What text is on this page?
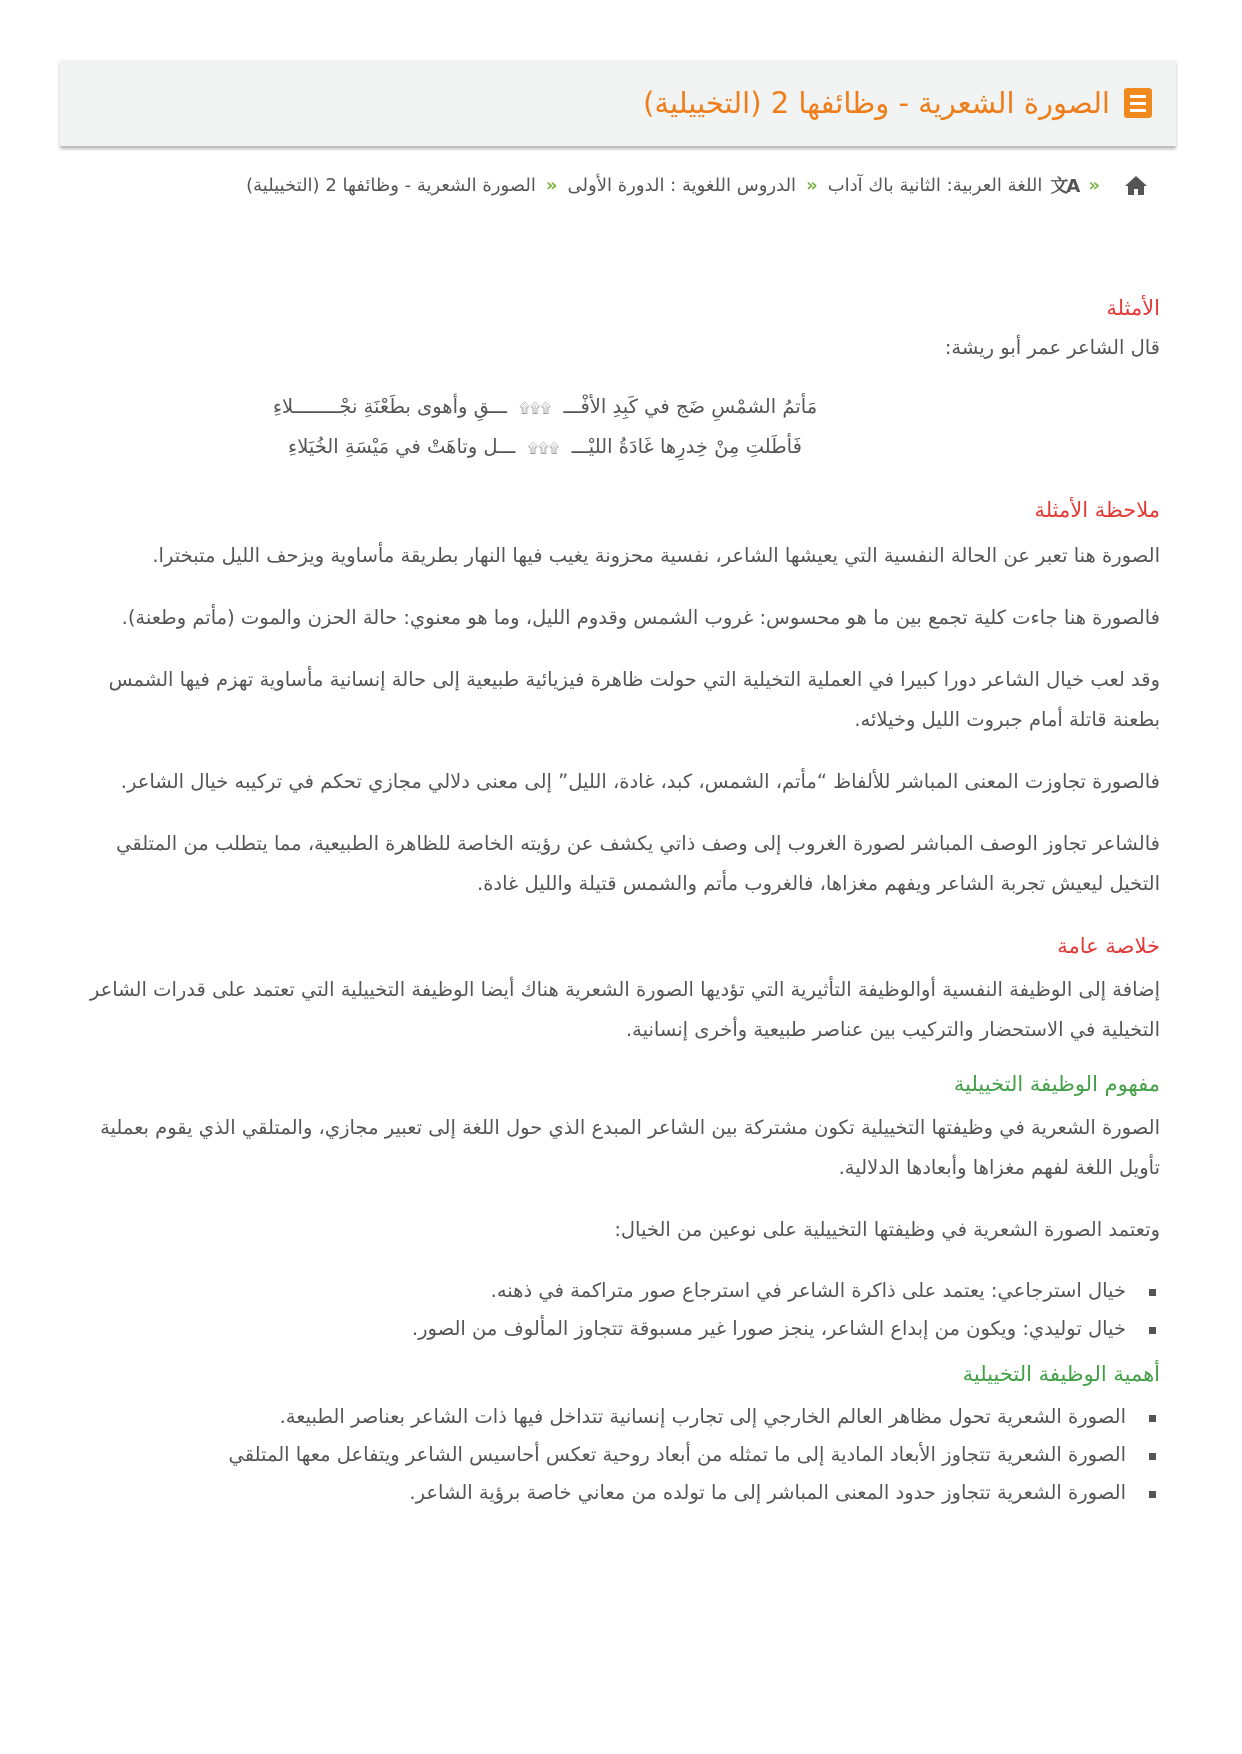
الصورة الشعرية - وظائفها 2 (التخييلية)
«
文A
اللغة العربية: الثانية باك آداب
«
الدروس اللغوية : الدورة الأولى
«
الصورة الشعرية - وظائفها 2 (التخييلية)
الأمثلة

قال الشاعر عمر أبو ريشة:

مَأتمُ الشمْسِ ضَج في كَبِدِ الأفْـــ ۩۩۩ ـــقِ وأهوى بطَعْنَةِ نجْــــــــلاءِ
فَأطَلتِ مِنْ خِدرِها غَادَةُ الليْـــ ۩۩۩ ـــل وتاهَتْ في مَيْسَةِ الخُيَلاءِ
ملاحظة الأمثلة

الصورة هنا تعبر عن الحالة النفسية التي يعيشها الشاعر، نفسية محزونة يغيب فيها النهار بطريقة مأساوية ويزحف الليل متبخترا.

فالصورة هنا جاءت كلية تجمع بين ما هو محسوس: غروب الشمس وقدوم الليل، وما هو معنوي: حالة الحزن والموت (مأتم وطعنة).

وقد لعب خيال الشاعر دورا كبيرا في العملية التخيلية التي حولت ظاهرة فيزيائية طبيعية إلى حالة إنسانية مأساوية تهزم فيها الشمس بطعنة قاتلة أمام جبروت الليل وخيلائه.

فالصورة تجاوزت المعنى المباشر للألفاظ “مأتم، الشمس، كبد، غادة، الليل” إلى معنى دلالي مجازي تحكم في تركيبه خيال الشاعر.

فالشاعر تجاوز الوصف المباشر لصورة الغروب إلى وصف ذاتي يكشف عن رؤيته الخاصة للظاهرة الطبيعية، مما يتطلب من المتلقي التخيل ليعيش تجربة الشاعر ويفهم مغزاها، فالغروب مأتم والشمس قتيلة والليل غادة.

خلاصة عامة

إضافة إلى الوظيفة النفسية أوالوظيفة التأثيرية التي تؤديها الصورة الشعرية هناك أيضا الوظيفة التخييلية التي تعتمد على قدرات الشاعر التخيلية في الاستحضار والتركيب بين عناصر طبيعية وأخرى إنسانية.

مفهوم الوظيفة التخييلية

الصورة الشعرية في وظيفتها التخييلية تكون مشتركة بين الشاعر المبدع الذي حول اللغة إلى تعبير مجازي، والمتلقي الذي يقوم بعملية تأويل اللغة لفهم مغزاها وأبعادها الدلالية.

وتعتمد الصورة الشعرية في وظيفتها التخييلية على نوعين من الخيال:

خيال استرجاعي: يعتمد على ذاكرة الشاعر في استرجاع صور متراكمة في ذهنه.
خيال توليدي: ويكون من إبداع الشاعر، ينجز صورا غير مسبوقة تتجاوز المألوف من الصور.
أهمية الوظيفة التخييلية
الصورة الشعرية تحول مظاهر العالم الخارجي إلى تجارب إنسانية تتداخل فيها ذات الشاعر بعناصر الطبيعة.
الصورة الشعرية تتجاوز الأبعاد المادية إلى ما تمثله من أبعاد روحية تعكس أحاسيس الشاعر ويتفاعل معها المتلقي
الصورة الشعرية تتجاوز حدود المعنى المباشر إلى ما تولده من معاني خاصة برؤية الشاعر.
